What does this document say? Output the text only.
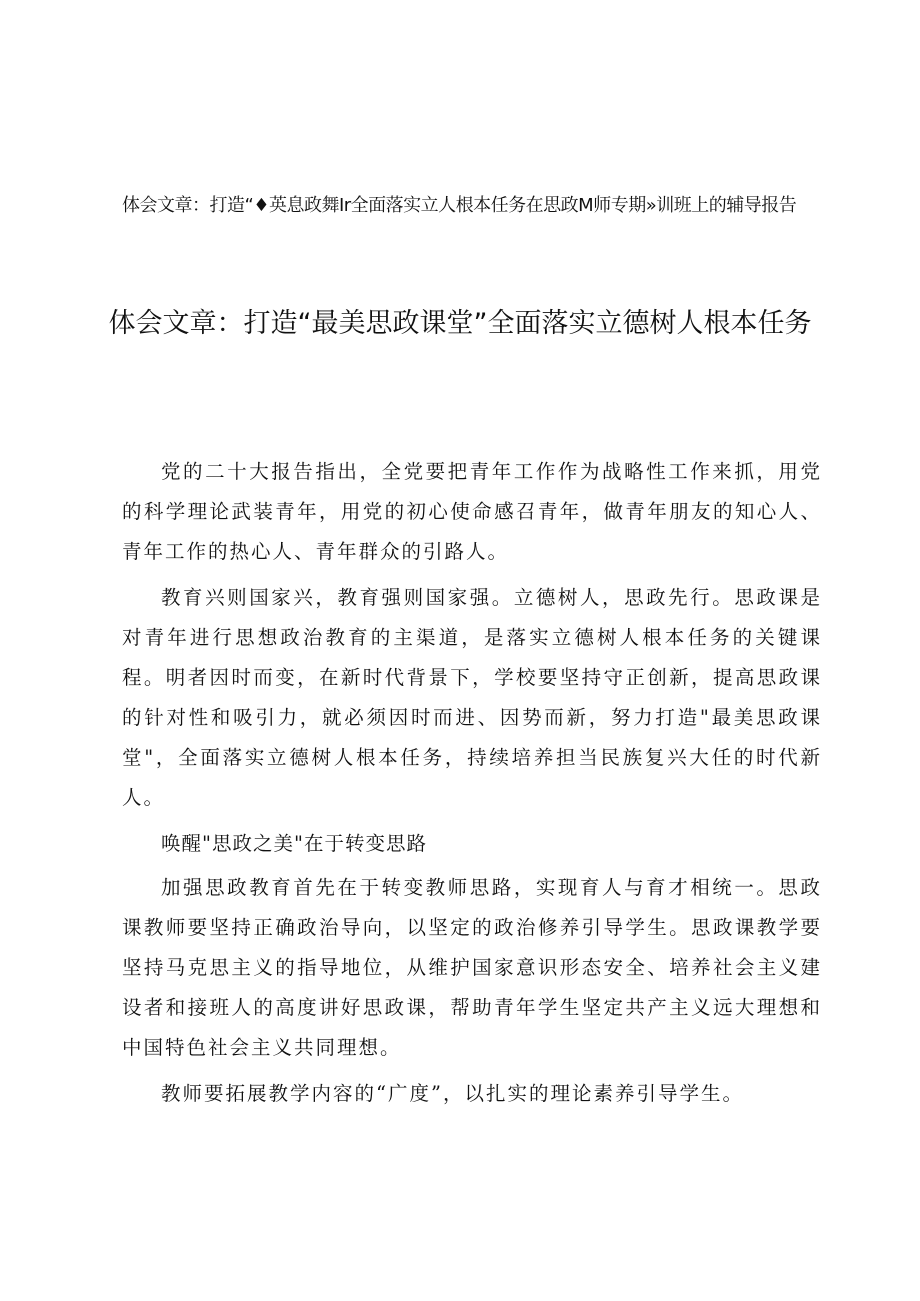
体会文章：打造“♦英息政舞Ir全面落实立人根本任务在思政M师专期»训班上的辅导报告
体会文章：打造“最美思政课堂”全面落实立德树人根本任务

党的二十大报告指出，全党要把青年工作作为战略性工作来抓，用党的科学理论武装青年，用党的初心使命感召青年，做青年朋友的知心人、青年工作的热心人、青年群众的引路人。

教育兴则国家兴，教育强则国家强。立德树人，思政先行。思政课是对青年进行思想政治教育的主渠道，是落实立德树人根本任务的关键课程。明者因时而变，在新时代背景下，学校要坚持守正创新，提高思政课的针对性和吸引力，就必须因时而进、因势而新，努力打造"最美思政课堂"，全面落实立德树人根本任务，持续培养担当民族复兴大任的时代新人。

唤醒"思政之美"在于转变思路

加强思政教育首先在于转变教师思路，实现育人与育才相统一。思政课教师要坚持正确政治导向，以坚定的政治修养引导学生。思政课教学要坚持马克思主义的指导地位，从维护国家意识形态安全、培养社会主义建设者和接班人的高度讲好思政课，帮助青年学生坚定共产主义远大理想和中国特色社会主义共同理想。

教师要拓展教学内容的“广度”，以扎实的理论素养引导学生。
